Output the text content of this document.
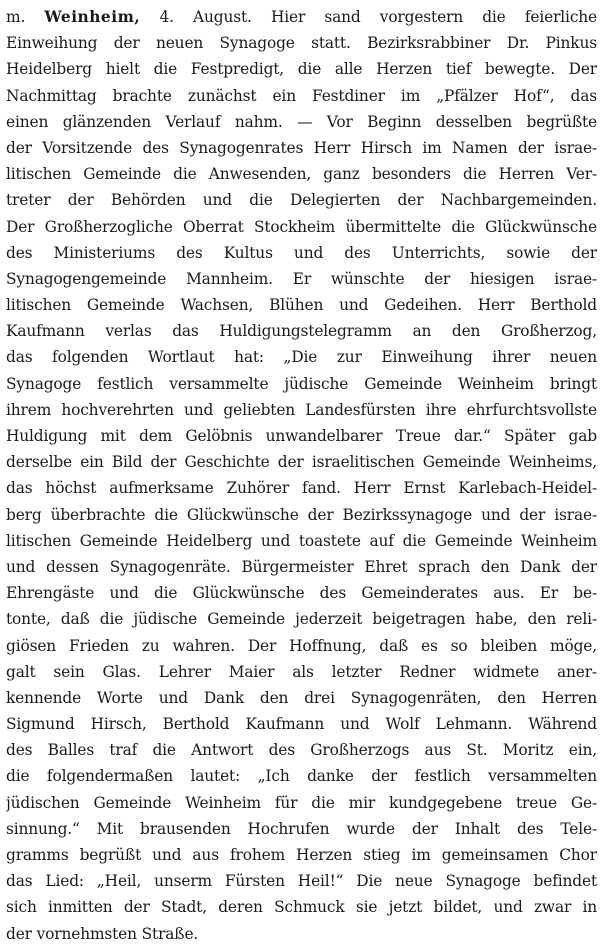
m. Weinheim, 4. August. Hier sand vorgestern die feierliche
Einweihung der neuen Synagoge statt. Bezirksrabbiner Dr. Pinkus
Heidelberg hielt die Festpredigt, die alle Herzen tief bewegte. Der
Nachmittag brachte zunächst ein Festdiner im „Pfälzer Hof“, das
einen glänzenden Verlauf nahm. — Vor Beginn desselben begrüßte
der Vorsitzende des Synagogenrates Herr Hirsch im Namen der israe-
litischen Gemeinde die Anwesenden, ganz besonders die Herren Ver-
treter der Behörden und die Delegierten der Nachbargemeinden.
Der Großherzogliche Oberrat Stockheim übermittelte die Glückwünsche
des Ministeriums des Kultus und des Unterrichts, sowie der
Synagogengemeinde Mannheim. Er wünschte der hiesigen israe-
litischen Gemeinde Wachsen, Blühen und Gedeihen. Herr Berthold
Kaufmann verlas das Huldigungstelegramm an den Großherzog,
das folgenden Wortlaut hat: „Die zur Einweihung ihrer neuen
Synagoge festlich versammelte jüdische Gemeinde Weinheim bringt
ihrem hochverehrten und geliebten Landesfürsten ihre ehrfurchtsvollste
Huldigung mit dem Gelöbnis unwandelbarer Treue dar.“ Später gab
derselbe ein Bild der Geschichte der israelitischen Gemeinde Weinheims,
das höchst aufmerksame Zuhörer fand. Herr Ernst Karlebach-Heidel-
berg überbrachte die Glückwünsche der Bezirkssynagoge und der israe-
litischen Gemeinde Heidelberg und toastete auf die Gemeinde Weinheim
und dessen Synagogenräte. Bürgermeister Ehret sprach den Dank der
Ehrengäste und die Glückwünsche des Gemeinderates aus. Er be-
tonte, daß die jüdische Gemeinde jederzeit beigetragen habe, den reli-
giösen Frieden zu wahren. Der Hoffnung, daß es so bleiben möge,
galt sein Glas. Lehrer Maier als letzter Redner widmete aner-
kennende Worte und Dank den drei Synagogenräten, den Herren
Sigmund Hirsch, Berthold Kaufmann und Wolf Lehmann. Während
des Balles traf die Antwort des Großherzogs aus St. Moritz ein,
die folgendermaßen lautet: „Ich danke der festlich versammelten
jüdischen Gemeinde Weinheim für die mir kundgegebene treue Ge-
sinnung.“ Mit brausenden Hochrufen wurde der Inhalt des Tele-
gramms begrüßt und aus frohem Herzen stieg im gemeinsamen Chor
das Lied: „Heil, unserm Fürsten Heil!“ Die neue Synagoge befindet
sich inmitten der Stadt, deren Schmuck sie jetzt bildet, und zwar in
der vornehmsten Straße.
